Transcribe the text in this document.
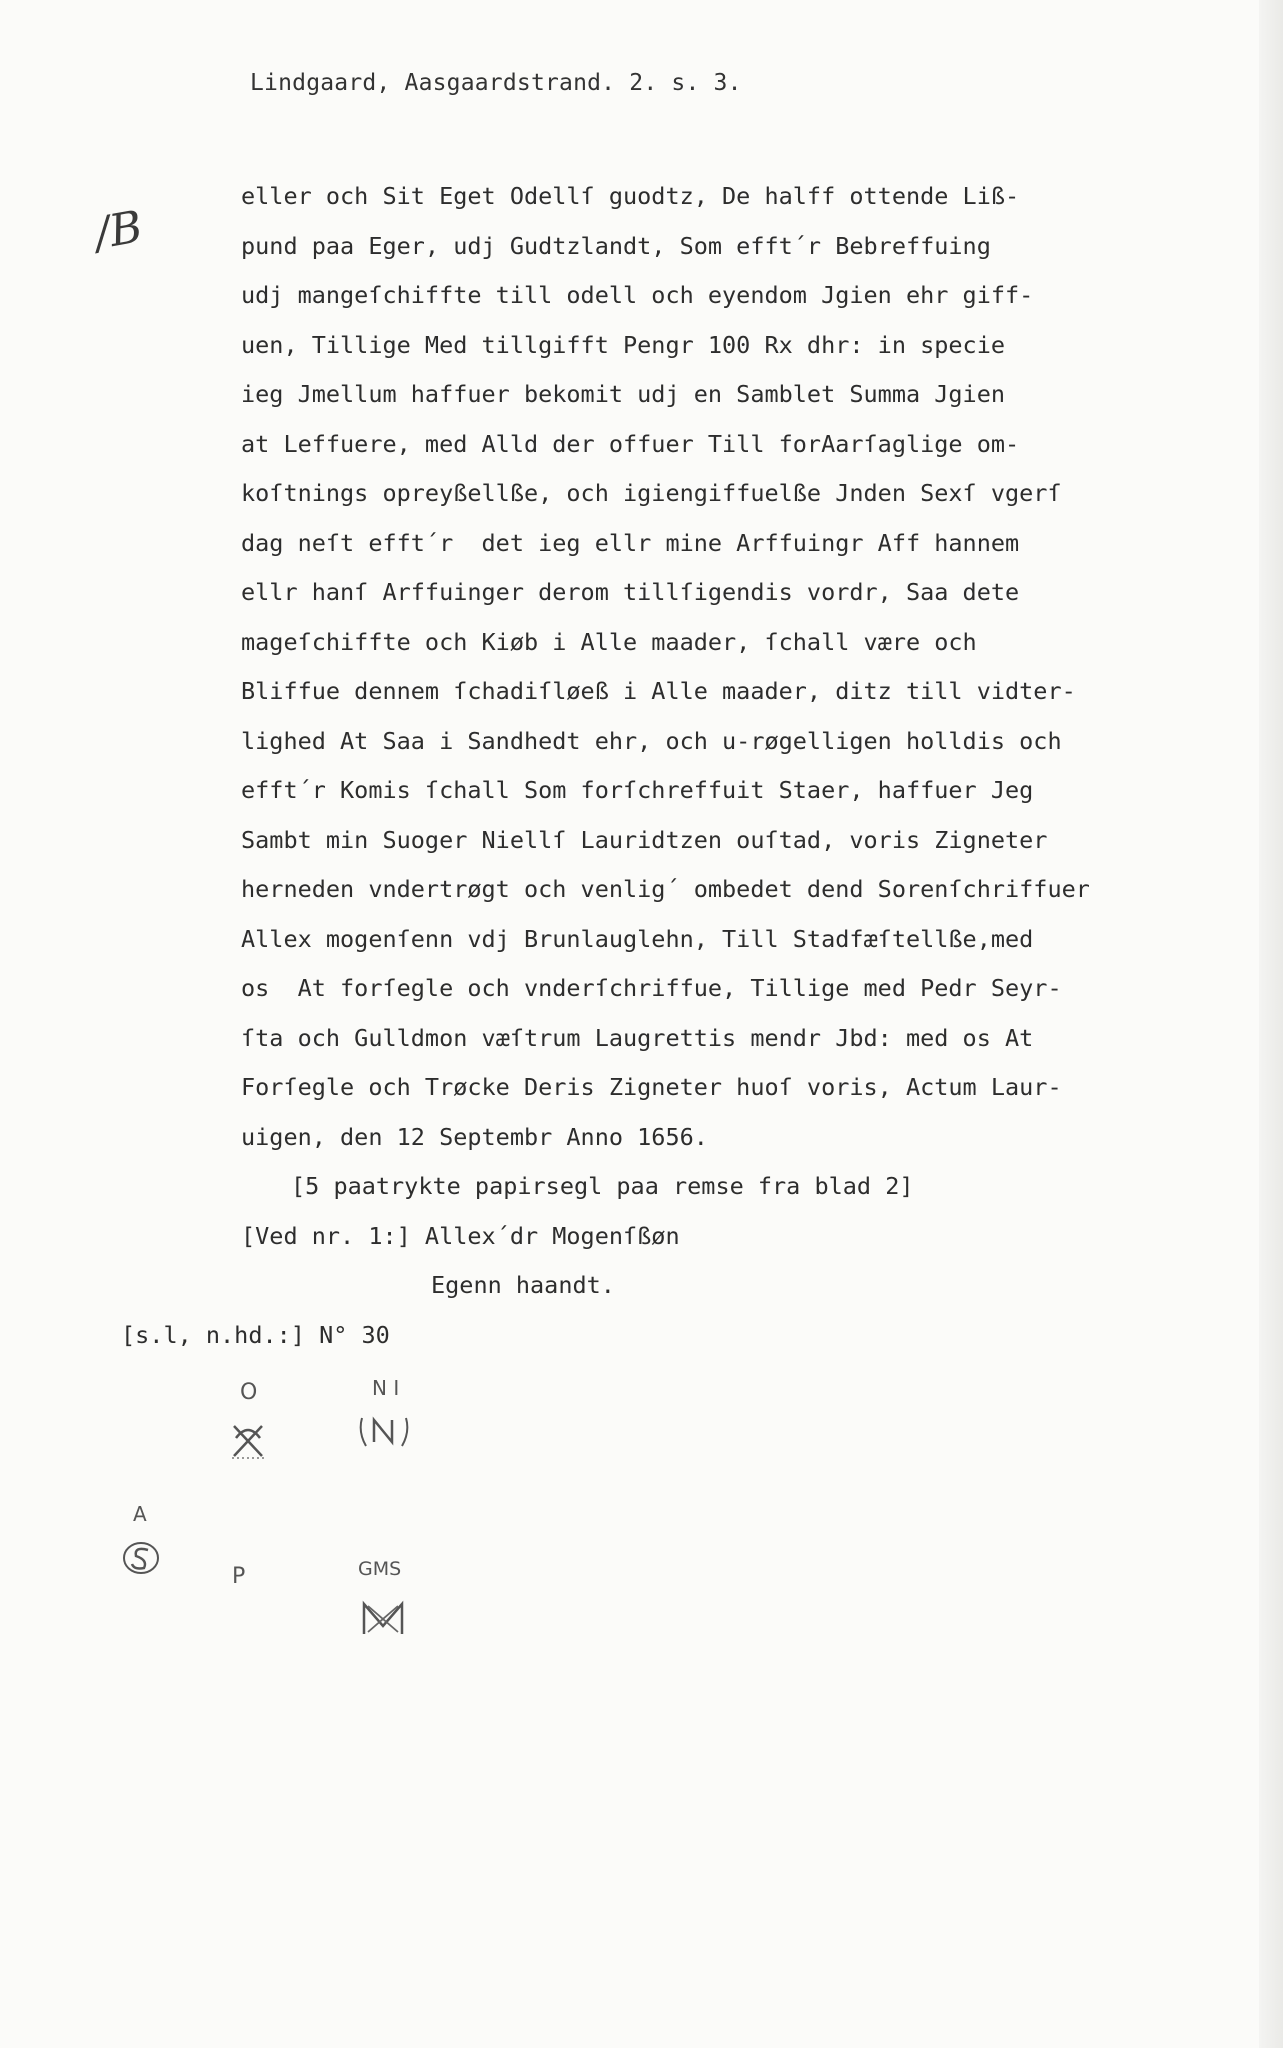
Lindgaard, Aasgaardstrand. 2. s. 3.
/B
eller och Sit Eget Odellſ guodtz, De halff ottende Liß-
pund paa Eger, udj Gudtzlandt, Som efft´r Bebreffuing
udj mangeſchiffte till odell och eyendom Jgien ehr giff-
uen, Tillige Med tillgifft Pengr 100 Rx dhr: in specie
ieg Jmellum haffuer bekomit udj en Samblet Summa Jgien
at Leffuere, med Alld der offuer Till forAarſaglige om-
koſtnings opreyßellße, och igiengiffuelße Jnden Sexſ vgerſ
dag neſt efft´r  det ieg ellr mine Arffuingr Aff hannem
ellr hanſ Arffuinger derom tillſigendis vordr, Saa dete
mageſchiffte och Kiøb i Alle maader, ſchall være och
Bliffue dennem ſchadiſløeß i Alle maader, ditz till vidter-
lighed At Saa i Sandhedt ehr, och u-røgelligen holldis och
efft´r Komis ſchall Som forſchreffuit Staer, haffuer Jeg
Sambt min Suoger Niellſ Lauridtzen ouſtad, voris Zigneter
herneden vndertrøgt och venlig´ ombedet dend Sorenſchriffuer
Allex mogenſenn vdj Brunlauglehn, Till Stadfæſtellße,med
os  At forſegle och vnderſchriffue, Tillige med Pedr Seyr-
ſta och Gulldmon væſtrum Laugrettis mendr Jbd: med os At
Forſegle och Trøcke Deris Zigneter huoſ voris, Actum Laur-
uigen, den 12 Septembr Anno 1656.
[5 paatrykte papirsegl paa remse fra blad 2]
[Ved nr. 1:] Allex´dr Mogenſßøn
Egenn haandt.
[s.l, n.hd.:] N° 30
O	N I
A
P	GMS
